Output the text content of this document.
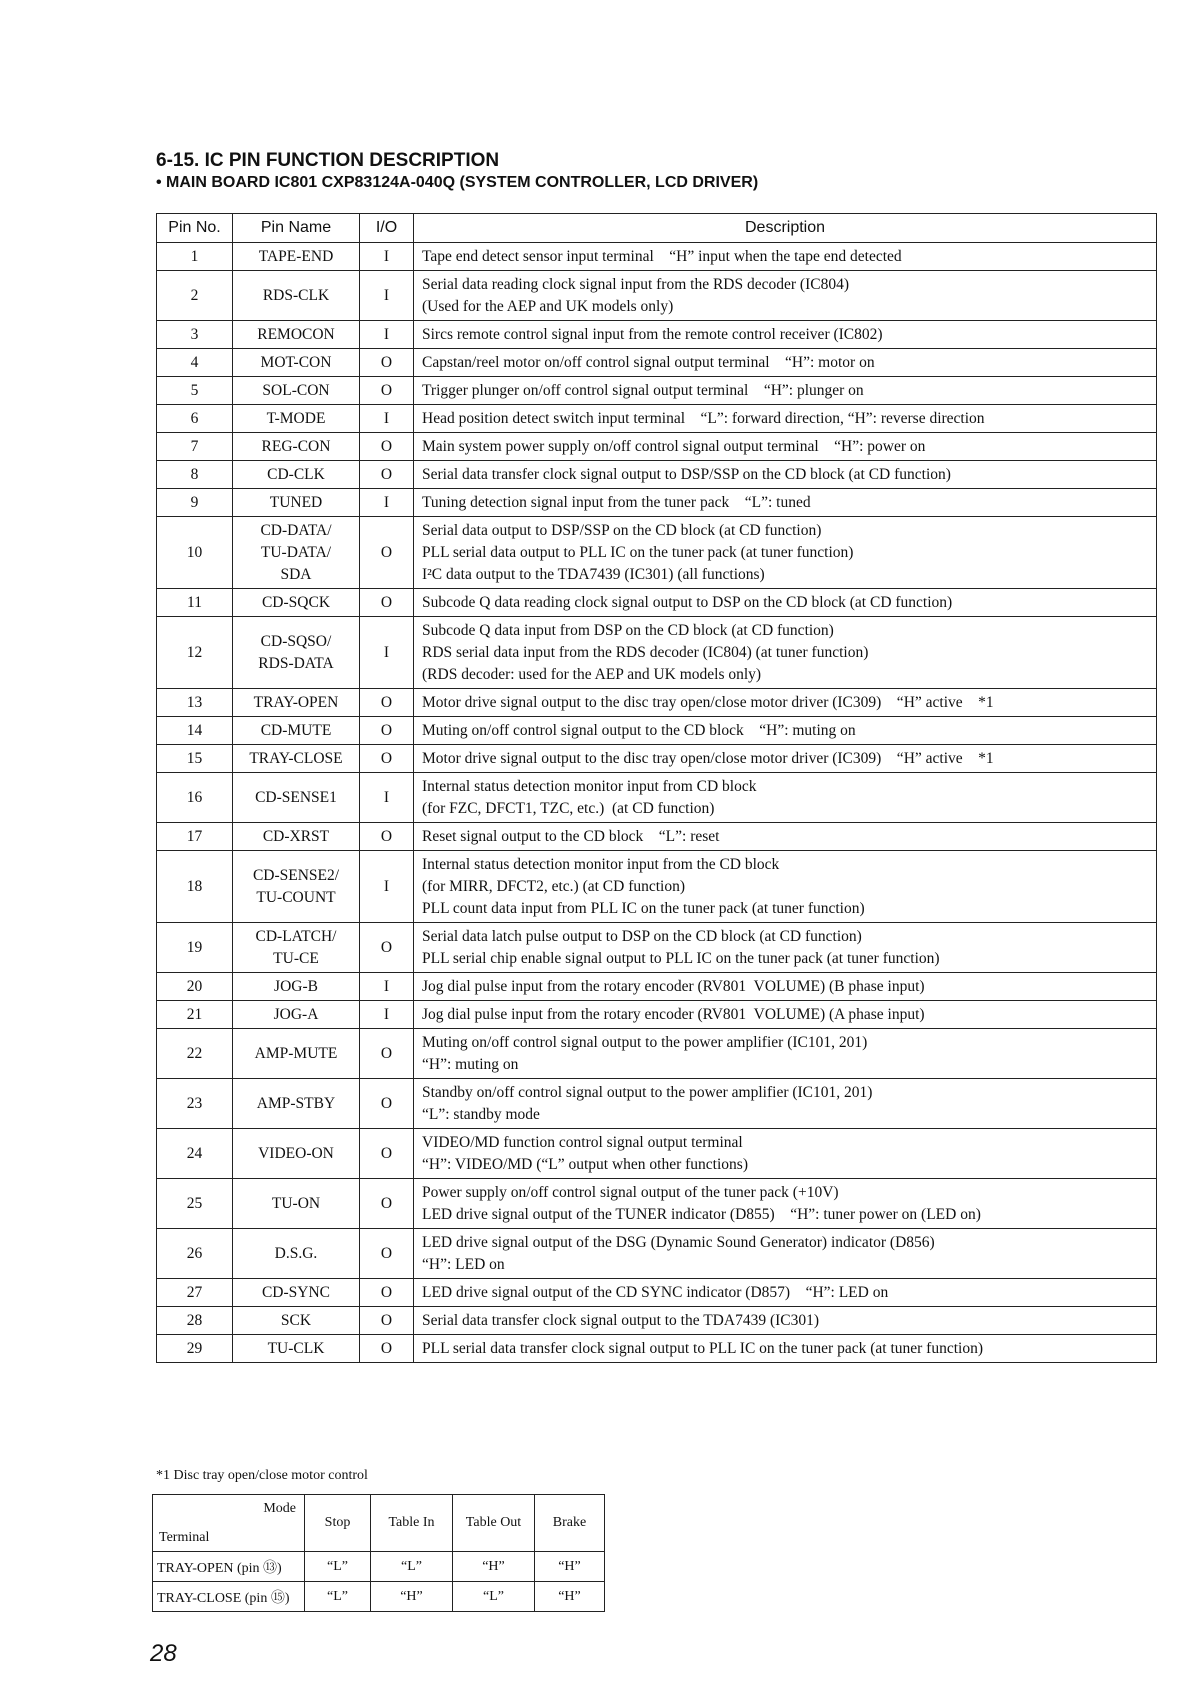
6-15. IC PIN FUNCTION DESCRIPTION
• MAIN BOARD IC801 CXP83124A-040Q (SYSTEM CONTROLLER, LCD DRIVER)
Pin No.	Pin Name	I/O	Description
1	TAPE-END	I	Tape end detect sensor input terminal    “H” input when the tape end detected

2	RDS-CLK	I	Serial data reading clock signal input from the RDS decoder (IC804)
(Used for the AEP and UK models only)

3	REMOCON	I	Sircs remote control signal input from the remote control receiver (IC802)

4	MOT-CON	O	Capstan/reel motor on/off control signal output terminal    “H”: motor on

5	SOL-CON	O	Trigger plunger on/off control signal output terminal    “H”: plunger on

6	T-MODE	I	Head position detect switch input terminal    “L”: forward direction, “H”: reverse direction

7	REG-CON	O	Main system power supply on/off control signal output terminal    “H”: power on

8	CD-CLK	O	Serial data transfer clock signal output to DSP/SSP on the CD block (at CD function)

9	TUNED	I	Tuning detection signal input from the tuner pack    “L”: tuned

10	CD-DATA/
TU-DATA/
SDA	O	Serial data output to DSP/SSP on the CD block (at CD function)
PLL serial data output to PLL IC on the tuner pack (at tuner function)
I²C data output to the TDA7439 (IC301) (all functions)

11	CD-SQCK	O	Subcode Q data reading clock signal output to DSP on the CD block (at CD function)

12	CD-SQSO/
RDS-DATA	I	Subcode Q data input from DSP on the CD block (at CD function)
RDS serial data input from the RDS decoder (IC804) (at tuner function)
(RDS decoder: used for the AEP and UK models only)

13	TRAY-OPEN	O	Motor drive signal output to the disc tray open/close motor driver (IC309)    “H” active    *1

14	CD-MUTE	O	Muting on/off control signal output to the CD block    “H”: muting on

15	TRAY-CLOSE	O	Motor drive signal output to the disc tray open/close motor driver (IC309)    “H” active    *1

16	CD-SENSE1	I	Internal status detection monitor input from CD block
(for FZC, DFCT1, TZC, etc.)  (at CD function)

17	CD-XRST	O	Reset signal output to the CD block    “L”: reset

18	CD-SENSE2/
TU-COUNT	I	Internal status detection monitor input from the CD block
(for MIRR, DFCT2, etc.) (at CD function)
PLL count data input from PLL IC on the tuner pack (at tuner function)

19	CD-LATCH/
TU-CE	O	Serial data latch pulse output to DSP on the CD block (at CD function)
PLL serial chip enable signal output to PLL IC on the tuner pack (at tuner function)

20	JOG-B	I	Jog dial pulse input from the rotary encoder (RV801  VOLUME) (B phase input)

21	JOG-A	I	Jog dial pulse input from the rotary encoder (RV801  VOLUME) (A phase input)

22	AMP-MUTE	O	Muting on/off control signal output to the power amplifier (IC101, 201)
“H”: muting on

23	AMP-STBY	O	Standby on/off control signal output to the power amplifier (IC101, 201)
“L”: standby mode

24	VIDEO-ON	O	VIDEO/MD function control signal output terminal
“H”: VIDEO/MD (“L” output when other functions)

25	TU-ON	O	Power supply on/off control signal output of the tuner pack (+10V)
LED drive signal output of the TUNER indicator (D855)    “H”: tuner power on (LED on)

26	D.S.G.	O	LED drive signal output of the DSG (Dynamic Sound Generator) indicator (D856)
“H”: LED on

27	CD-SYNC	O	LED drive signal output of the CD SYNC indicator (D857)    “H”: LED on

28	SCK	O	Serial data transfer clock signal output to the TDA7439 (IC301)

29	TU-CLK	O	PLL serial data transfer clock signal output to PLL IC on the tuner pack (at tuner function)
*1 Disc tray open/close motor control
Mode
Terminal	Stop	Table In	Table Out	Brake
TRAY-OPEN (pin ⑬)	“L”	“L”	“H”	“H”
TRAY-CLOSE (pin ⑮)	“L”	“H”	“L”	“H”
28
